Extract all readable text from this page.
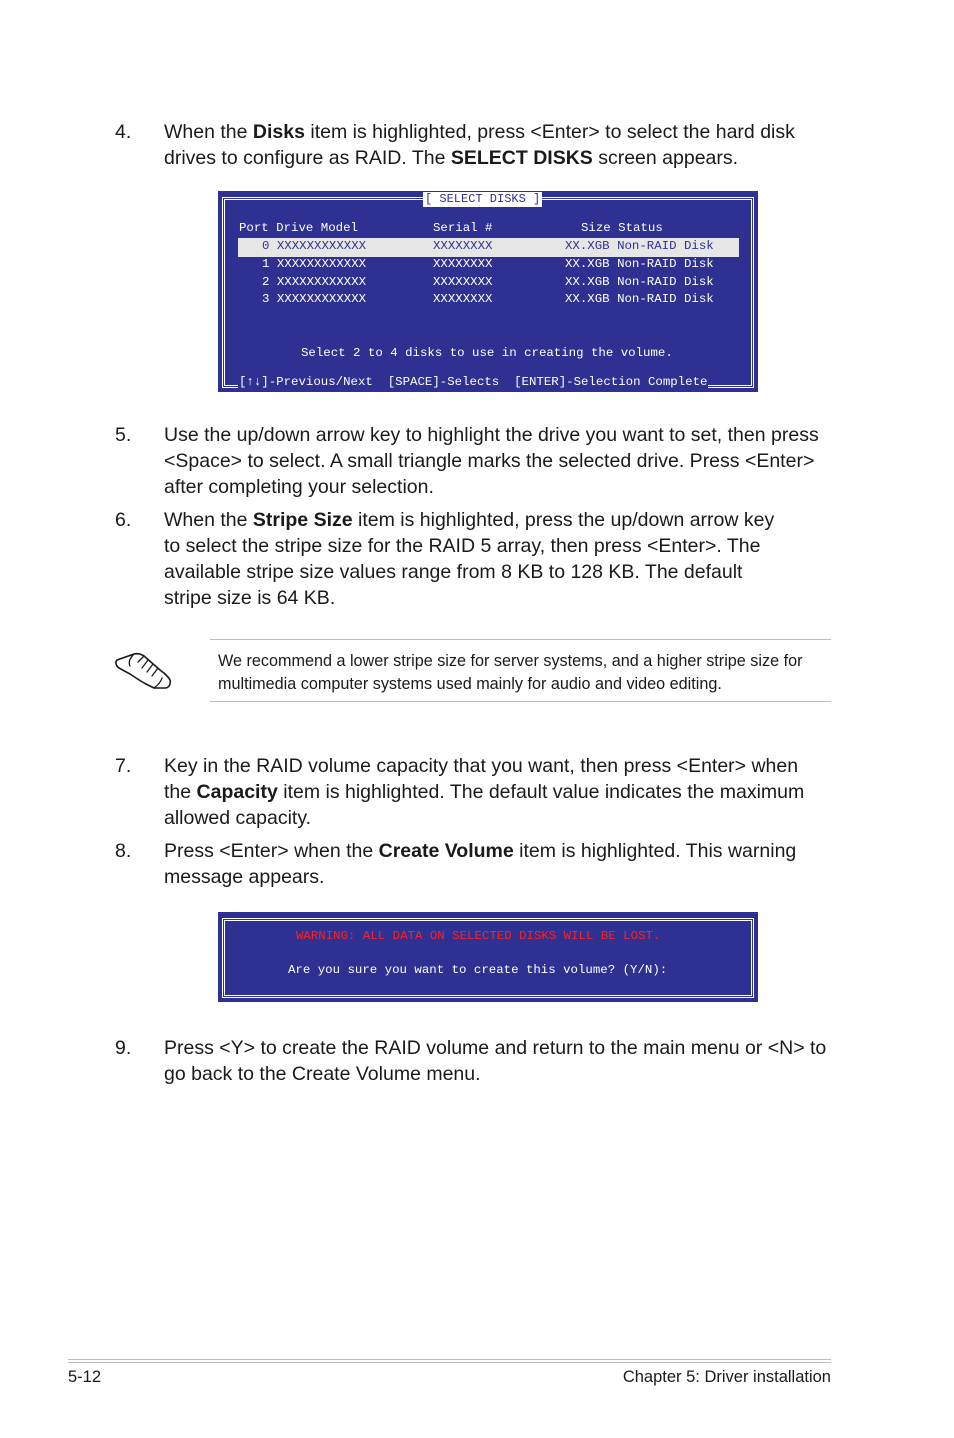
4. When the Disks item is highlighted, press <Enter> to select the hard disk drives to configure as RAID. The SELECT DISKS screen appears.
[ SELECT DISKS ]
Port Drive Model	Serial #	Size Status
0 XXXXXXXXXXXX	XXXXXXXX	XX.XGB Non-RAID Disk
1 XXXXXXXXXXXX	XXXXXXXX	XX.XGB Non-RAID Disk
2 XXXXXXXXXXXX	XXXXXXXX	XX.XGB Non-RAID Disk
3 XXXXXXXXXXXX	XXXXXXXX	XX.XGB Non-RAID Disk
Select 2 to 4 disks to use in creating the volume.
[↑↓]-Previous/Next  [SPACE]-Selects  [ENTER]-Selection Complete
5. Use the up/down arrow key to highlight the drive you want to set, then press <Space> to select. A small triangle marks the selected drive. Press <Enter> after completing your selection.
6. When the Stripe Size item is highlighted, press the up/down arrow key to select the stripe size for the RAID 5 array, then press <Enter>. The available stripe size values range from 8 KB to 128 KB. The default stripe size is 64 KB.
We recommend a lower stripe size for server systems, and a higher stripe size for multimedia computer systems used mainly for audio and video editing.
7. Key in the RAID volume capacity that you want, then press <Enter> when the Capacity item is highlighted. The default value indicates the maximum allowed capacity.
8. Press <Enter> when the Create Volume item is highlighted. This warning message appears.
WARNING: ALL DATA ON SELECTED DISKS WILL BE LOST.
Are you sure you want to create this volume? (Y/N):
9. Press <Y> to create the RAID volume and return to the main menu or <N> to go back to the Create Volume menu.
5-12	Chapter 5: Driver installation
